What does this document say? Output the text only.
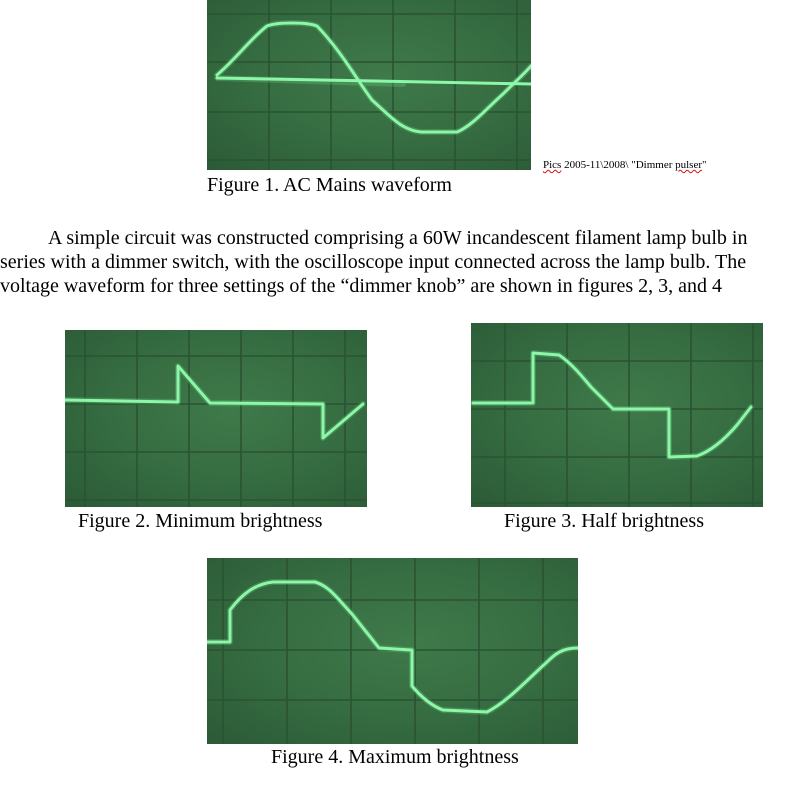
Pics 2005-11\2008\ "Dimmer pulser"
Figure 1. AC Mains waveform

A simple circuit was constructed comprising a 60W incandescent filament lamp bulb in series with a dimmer switch, with the oscilloscope input connected across the lamp bulb. The voltage waveform for three settings of the “dimmer knob” are shown in figures 2, 3, and 4

Figure 2. Minimum brightness	Figure 3. Half brightness
Figure 4. Maximum brightness
